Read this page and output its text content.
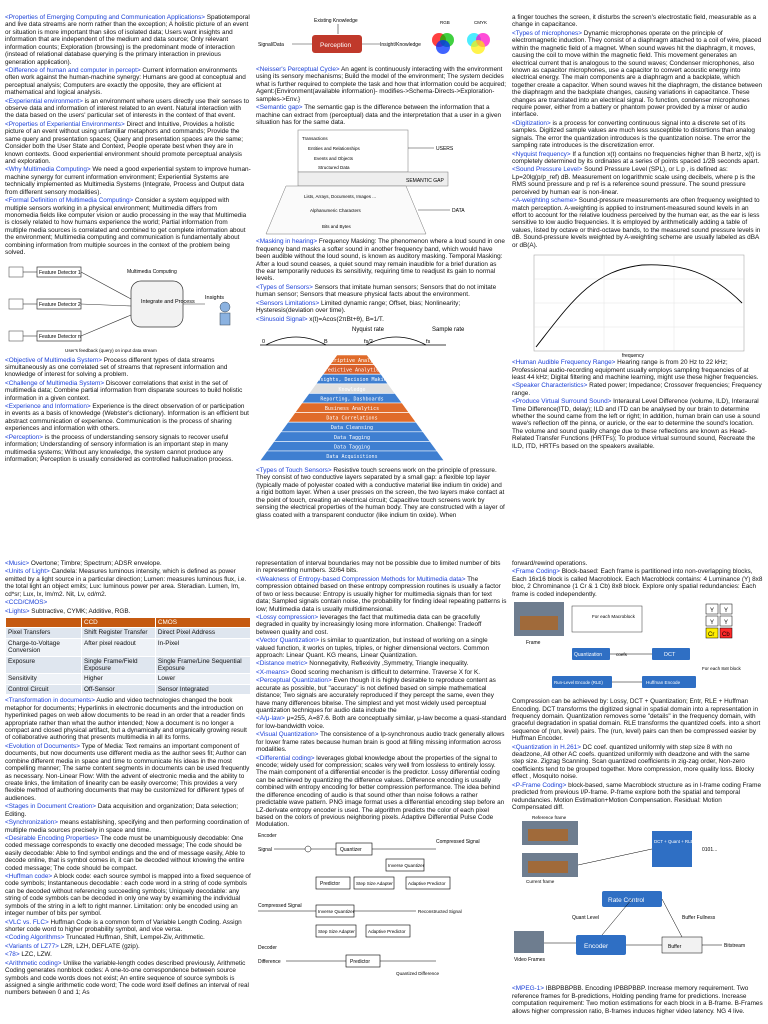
<Properties of Emerging Computing and Communication Applications> Spatiotemporal and live data streams are norm rather than the exception; A holistic picture of an event or situation is more important than silos of isolated data; Users want insights and information that are independent of the medium and data source; Only relevant information counts; Exploration (browsing) is the predominant mode of interaction (instead of relational database querying is the primary interaction in previous generation application).

<Difference of human and computer in percept> Current information environments often work against the human-machine synergy: Humans are good at conceptual and perceptual analysis; Computers are exactly the opposite, they are efficient at mathematical and logical analysis.

<Experiential environment> is an environment where users directly use their senses to observe data and information of interest related to an event. Natural interaction with the data based on the users' particular set of interests in the context of that event.

<Properties of Experiential Environments> Direct and Intuitive, Provides a holistic picture of an event without using unfamiliar metaphors and commands; Provide the same query and presentation spaces; Query and presentation spaces are the same; Consider both the User State and Context, People operate best when they are in known contexts. Good experiential environment should promote perceptual analysis and exploration.

<Why Multimedia Computing> We need a good experiential system to improve human-machine synergy for current information environment; Experiential Systems are technically implemented as Multimedia Systems (Integrate, Process and Output data from different sensory modalities).

<Formal Definition of Multimedia Computing> Consider a system equipped with multiple sensors working in a physical environment; Multimedia differs from monomedia fields like computer vision or audio processing in the way that Multimedia is closely related to how humans experience the world; Partial information from multiple media sources is correlated and combined to get complete information about the environment; Multimedia computing and communication is fundamentally about combining information from multiple sources in the context of the problem being solved.

Feature Detector 1
Feature Detector 2
Feature Detector n
Multimedia Computing
Integrate and Process
Insights
User's feedback (query) on input data stream

<Objective of Multimedia System> Process different types of data streams simultaneously as one correlated set of streams that represent information and knowledge of interest for solving a problem.

<Challenge of Multimedia System> Discover correlations that exist in the set of multimedia data; Combine partial information from disparate sources to build holistic information in a given context.

<Experience and Information> Experience is the direct observation of or participation in events as a basis of knowledge (Webster's dictionary). Information is an efficient but abstract communication of experience. Communication is the process of sharing experiences and information with others.

<Perception> is the process of understanding sensory signals to recover useful information; Understanding of sensory information is an important step in many multimedia systems; Without any knowledge, the system cannot produce any information; Perception is usually considered as controlled hallucination process.

Existing Knowledge
Signal/Data	Perception	Insight/Knowledge
RGB	CMYK

<Neisser's Perceptual Cycle> An agent is continuously interacting with the environment using its sensory mechanisms; Build the model of the environment; The system decides what is further required to complete the task and how that information could be acquired; Agent:{Environment(available information}- modifies->Schema-Directs->Exploration-samples->Env.}

<Semantic gap> The semantic gap is the difference between the information that a machine can extract from (perceptual) data and the interpretation that a user in a given situation has for the same data.

Transactions
Entities and Relationships
Events and Objects
Structured Data
USERS
SEMANTIC GAP
Lists, Arrays, Documents, Images ...
Alphanumeric Characters
Bits and Bytes
DATA

<Masking in hearing> Frequency Masking: The phenomenon where a loud sound in one frequency band masks a softer sound in another frequency band, which would have been audible without the loud sound, is known as auditory masking. Temporal Masking: After a loud sound ceases, a quiet sound may remain inaudible for a brief duration as the ear temporarily reduces its sensitivity, requiring time to readjust its gain to normal levels.

<Types of Sensors> Sensors that imitate human sensors; Sensors that do not imitate human sensor; Sensors that measure physical facts about the environment.

<Sensors Limitations> Limited dynamic range; Offset, bias; Nonlinearity; Hysteresis(deviation over time).

<Sinusoid Signal> x(t)=Acos(2πBt+θ), B=1/T.

Nyquist rate	Sample rate
0	B	fs/2	fs
Prescriptive Analytics
Predictive Analytics
Insights, Decision Making
Knowledge
Reporting, Dashboards
Business Analytics
Data Correlations
Data Cleansing
Data Tagging
Data Tagging
Data Acquisitions

<Types of Touch Sensors> Resistive touch screens work on the principle of pressure. They consist of two conductive layers separated by a small gap: a flexible top layer (typically made of polyester coated with a conductive material like indium tin oxide) and a rigid bottom layer. When a user presses on the screen, the two layers make contact at the point of touch, creating an electrical circuit; Capacitive touch screens work by sensing the electrical properties of the human body. They are constructed with a layer of glass coated with a transparent conductor (like indium tin oxide). When

a finger touches the screen, it disturbs the screen's electrostatic field, measurable as a change in capacitance.

<Types of microphones> Dynamic microphones operate on the principle of electromagnetic induction. They consist of a diaphragm attached to a coil of wire, placed within the magnetic field of a magnet. When sound waves hit the diaphragm, it moves, causing the coil to move within the magnetic field. This movement generates an electrical current that is analogous to the sound waves; Condenser microphones, also known as capacitor microphones, use a capacitor to convert acoustic energy into electrical energy. The main components are a diaphragm and a backplate, which together create a capacitor. When sound waves hit the diaphragm, the distance between the diaphragm and the backplate changes, causing variations in capacitance. These changes are translated into an electrical signal. To function, condenser microphones require power, either from a battery or phantom power provided by a mixer or audio interface.

<Digitization> is a process for converting continuous signal into a discrete set of its samples. Digitized sample values are much less susceptible to distortions than analog signals. The error the quantization introduces is the quantization noise. The error the sampling rate introduces is the discretization error.

<Nyquist frequency> If a function x(t) contains no frequencies higher than B hertz, x(t) is completely determined by its ordinates at a series of points spaced 1/2B seconds apart.

<Sound Pressure Level> Sound Pressure Level (SPL), or L p , is defined as: Lp=20lg(p/p_ref) dB. Measurement on logarithmic scale using decibels, where p is the RMS sound pressure and p ref is a reference sound pressure. The sound pressure perceived by human ear is non-linear.

<A-weighting scheme> Sound-pressure measurements are often frequency weighted to match perception. A-weighting is applied to instrument-measured sound levels in an effort to account for the relative loudness perceived by the human ear, as the ear is less sensitive to low audio frequencies. It is employed by arithmetically adding a table of values, listed by octave or third-octave bands, to the measured sound pressure levels in dB. Sound-pressure levels weighted by A-weighting scheme are usually labeled as dBA or dB(A).

frequency

<Human Audible Frequency Range> Hearing range is from 20 Hz to 22 kHz; Professional audio-recording equipment usually employs sampling frequencies of at least 44 kHz; Digital filtering and machine learning, might use these higher frequencies.

<Speaker Characteristics> Rated power; Impedance; Crossover frequencies; Frequency range.

<Produce Virtual Surround Sound> Interaural Level Difference (volume, ILD), Interaural Time Difference(ITD, delay); ILD and ITD can be analysed by our brain to determine whether the sound came from the left or right; In addition, human brain can use a sound wave's reflection off the pinna, or auricle, or the ear to determine the sound's location. The volume and sound quality change due to these reflections are known as Head-Related Transfer Functions (HRTFs); To produce virtual surround sound, Recreate the ILD, ITD, HRTFs based on the speakers available.

<Music> Overtone; Timbre; Spectrum; ADSR envelope.

<Units of Light> Candela: Measures luminous intensity, which is defined as power emitted by a light source in a particular direction; Lumen: measures luminous flux, i.e. the total light an object emits; Lux: luminous power per area. Steradian. Lumen, lm, cd*sr; Lux, lx, lm/m2. Nit, Lv, cd/m2.

<CCD/CMOS>

<Lights> Subtractive, CYMK; Additive, RGB.

	CCD	CMOS
Pixel Transfers	Shift Register Transfer	Direct Pixel Address
Charge-to-Voltage Conversion	After pixel readout	In-Pixel
Exposure	Single Frame/Field Exposure	Single Frame/Line Sequential Exposure
Sensitivity	Higher	Lower
Control Circuit	Off-Sensor	Sensor Integrated

<Transformation in documents> Audio and video technologies changed the book metaphor for documents; Hyperlinks in electronic documents and the introduction on hyperlinked pages on web allow documents to be read in an order that a reader finds appropriate rather than what the author intended; Now a document is no longer a compact and closed physical artifact, but a dynamically and organically growing result of collaborative authoring that presents multimedia in all its forms.

<Evolution of Documents> Type of Media: Text remains an important component of documents, but now documents use different media as the author sees fit; Author can combine different media in space and time to communicate his ideas in the most compelling manner; The same content segments in documents can be used frequently as necessary. Non-Linear Flow: With the advent of electronic media and the ability to create links, the limitation of linearity can be easily overcome; This provides a very flexible method of authoring documents that may be customized for different types of audiences.

<Stages in Document Creation> Data acquisition and organization; Data selection; Editing.

<Synchronization> means establishing, specifying and then performing coordination of multiple media sources precisely in space and time.

<Desirable Encoding Properties> The code must be unambiguously decodable: One coded message corresponds to exactly one decoded message; The code should be easily decodable: Able to find symbol endings and the end of message easily, Able to decode online, that is symbol comes in, it can be decoded without knowing the entire coded message; The code should be compact.

<Huffman code> A block code: each source symbol is mapped into a fixed sequence of code symbols; Instantaneous decodable : each code word in a string of code symbols can be decoded without referencing succeeding symbols; Uniquely decodable: any string of code symbols can be decoded in only one way by examining the individual symbols of the string in a left to right manner. Limitation: only be encoded using an integer number of bits per symbol.

<VLC vs. FLC> Huffman Code is a common form of Variable Length Coding. Assign shorter code word to higher probability symbol, and vice versa.

<Coding Algorithms> Truncated Huffman, Shift, Lempel-Ziv, Arithmetic.

<Variants of LZ77> LZR, LZH, DEFLATE (gzip).

<78> LZC, LZW.

<Arithmetic coding> Unlike the variable-length codes described previously, Arithmetic Coding generates nonblock codes: A one-to-one correspondence between source symbols and code words does not exist; An entire sequence of source symbols is assigned a single arithmetic code word; The code word itself defines an interval of real numbers between 0 and 1; As

representation of interval boundaries may not be possible due to limited number of bits in representing numbers. 32/64 bits.

<Weakness of Entropy-based Compression Methods for Multimedia data> The compression obtained based on these entropy compression routines is usually a factor of two or less because: Entropy is usually higher for multimedia signals than for text data; Sampled signals contain noise, the probability for finding ideal repeating patterns is low; Multimedia data is usually multidimensional.

<Lossy compression> leverages the fact that multimedia data can be gracefully degraded in quality by increasingly losing more information. Challenge: Tradeoff between quality and cost.

<Vector Quantization> is similar to quantization, but instead of working on a single valued function, it works on tuples, triples, or higher dimensional vectors. Common approach: Linear Quant. KG means, Linear Quantization.

<Distance metric> Nonnegativity, Reflexivity ,Symmetry, Triangle inequality.

<X-means> Good scoring mechanism is difficult to determine. Traverse X for K.

<Perceptual Quantization> Even though it is highly desirable to reproduce content as accurate as possible, but "accuracy" is not defined based on simple mathematical distance; Two signals are accurately reproduced if they percept the same, even they have many differences bitwise. The simplest and yet most widely used perceptual quantization techniques for audio data include the

<A/μ-law> μ=255, A=87.6. Both are conceptually similar, μ-law become a quasi-standard for low-bandwidth voice.

<Visual Quantization> The consistence of a lp-synchronous audio track generally allows for lower frame rates because human brain is good at filling missing information across modalities.

<Differential coding> leverages global knowledge about the properties of the signal to encode; widely used for compression; scales very well from lossless to entirely lossy. The main component of a differential encoder is the predictor. Lossy differential coding can be achieved by quantizing the difference values. Difference encoding is usually combined with entropy encoding for better compression performance. The idea behind the difference encoding of audio is that sound other than noise follows a rather predictable wave pattern. PNG image format uses a differential encoding step before an LZ-derivate entropy encoder is used. The algorithm predicts the color of each pixel based on the colors of previous neighboring pixels. Adaptive Differential Pulse Code Modulation.

Encoder
Signal	Quantizer
Compressed Signal
Inverse Quantizer
Predictor	Step Size Adapter	Adaptive Predictor
Compressed Signal
Inverse Quantizer	Reconstructed Signal
Step Size Adapter	Adaptive Predictor
Decoder
Difference	Predictor
Quantized Difference

forward/rewind operations.

<Frame Coding> Block-based: Each frame is partitioned into non-overlapping blocks, Each 16x16 block is called Macroblock. Each Macroblock contains: 4 Luminance (Y) 8x8 bloc, 2 Chrominance (1 Cr & 1 Cb) 8x8 block. Explore only spatial redundancies: Each frame is coded independently.

Frame
For each Macroblock
Y Y
Y Y
Cr Cb
Quantization	coefs	DCT
For each 8x8 block
Run-Level Encode (RLE)	Huffman Encode

Compression can be achieved by: Lossy, DCT + Quantization; Entr, RLE + Huffman Encoding. DCT transforms the digitized signal in spatial domain into a representation in frequency domain. Quantization removes some "details" in the frequency domain, with graceful degradation in spatial domain. RLE transforms the quantized coefs. into a short sequence of (run, level) pairs. The (run, level) pairs can then be compressed easier by Huffman Encoder.

<Quantization in H.261> DC coef. quantized uniformly with step size 8 with no deadzone, All other AC coefs. quantized uniformly with deadzone and with the same step size. Zigzag Scanning. Scan quantized coefficients in zig-zag order, Non-zero coefficients tend to be grouped together. More compression, more quality loss. Blocky effect , Mosquito noise.

<P-Frame Coding> block-based, same Macroblock structure as in I-frame coding Frame predicted from previous I/P-frame. P-frame explore both the spatial and temporal redundancies. Motion Estimation+Motion Compensation. Residual: Motion Compensated diff.

Reference frame
Current frame
DCT + Quant + RLE + Huff Code
0101...
Rate Control
Quant Level	Buffer Fullness
Video Frames
Encoder	Buffer	Bitstream

<MPEG-1> IBBPBBPBB. Encoding IPBBPBBP. Increase memory requirement. Two reference frames for B-predictions, Holding pending frame for predictions. Increase computation requirement: Two motion estimations for each block in a B-frame. B-Frames allows higher compression ratio, B-frames induces higher video latency. NG 4 live.
